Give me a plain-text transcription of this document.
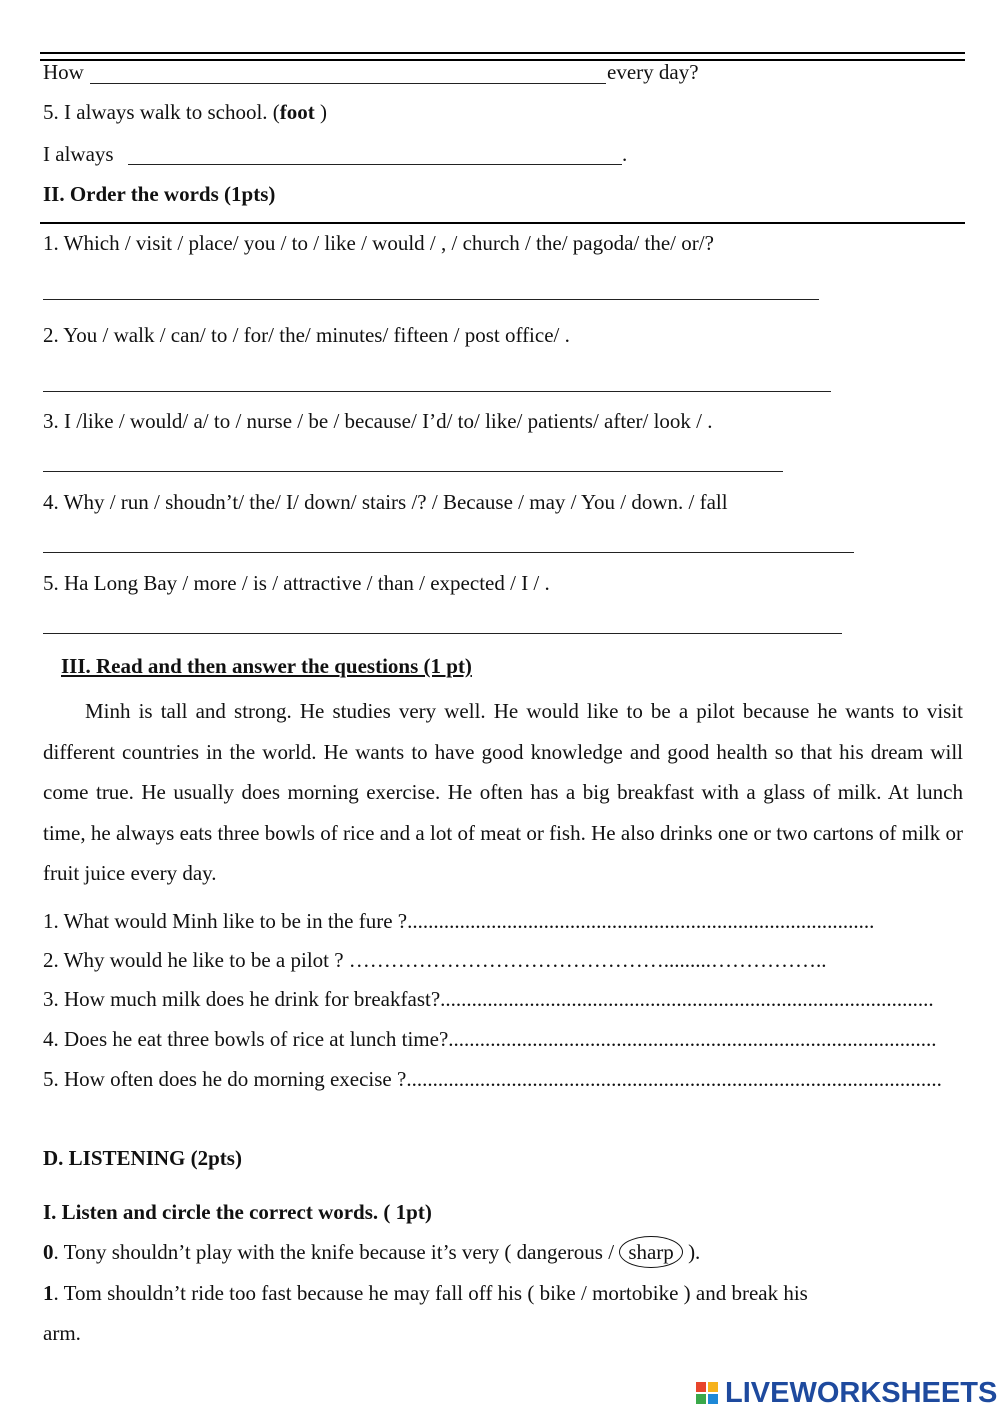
How	every day?
5. I always walk to school. (foot )
I always	.
II. Order the words (1pts)
1. Which / visit / place/ you / to / like / would / , / church / the/ pagoda/ the/ or/?
2. You / walk / can/ to / for/ the/ minutes/ fifteen / post office/ .
3. I /like / would/ a/ to / nurse / be / because/ I’d/ to/ like/ patients/ after/ look / .
4. Why / run / shoudn’t/ the/ I/ down/ stairs /? / Because / may / You / down. / fall
5. Ha Long Bay / more / is / attractive / than / expected / I / .
III. Read and then answer the questions (1 pt)
Minh is tall and strong. He studies very well. He would like to be a pilot because he wants to visit different countries in the world. He wants to have good knowledge and good health so that his dream will come true. He usually does morning exercise. He often has a big breakfast with a glass of milk. At lunch time, he always eats three bowls of rice and a lot of meat or fish. He also drinks one or two cartons of milk or fruit juice every day.
1. What would Minh like to be in the fure ?.........................................................................................
2. Why would he like to be a pilot ? ……………………………………….........……………..
3. How much milk does he drink for breakfast?..............................................................................................
4. Does he eat three bowls of rice at lunch time?.............................................................................................
5. How often does he do morning execise ?......................................................................................................
D. LISTENING (2pts)
I. Listen and circle the correct words. ( 1pt)
0. Tony shouldn’t play with the knife because it’s very ( dangerous / sharp ).
1. Tom shouldn’t ride too fast because he may fall off his ( bike / mortobike ) and break his
arm.
LIVEWORKSHEETS
